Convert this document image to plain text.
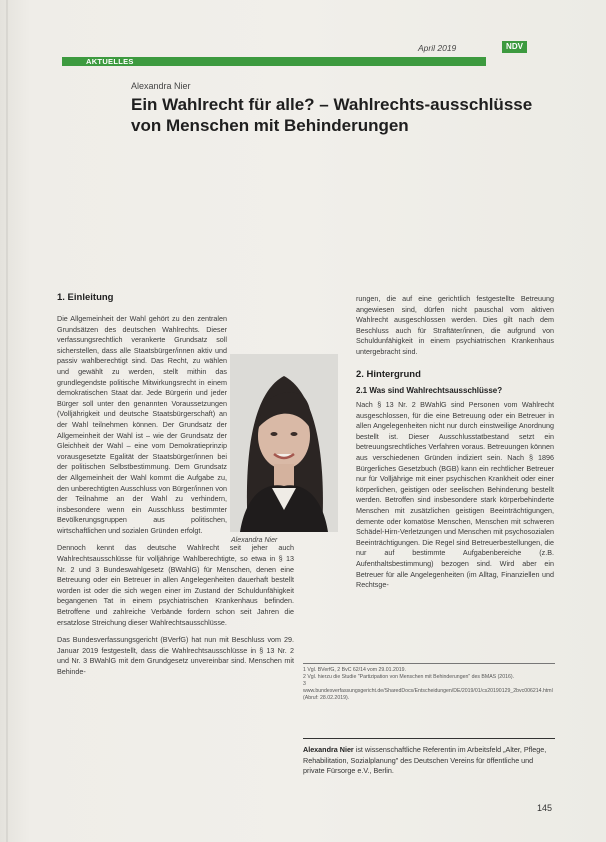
AKTUELLES
April 2019	NDV
Alexandra Nier
Ein Wahlrecht für alle? – Wahlrechts-ausschlüsse von Menschen mit Behinderungen
1. Einleitung

Die Allgemeinheit der Wahl gehört zu den zentralen Grundsätzen des deutschen Wahlrechts. Dieser verfassungsrechtlich verankerte Grundsatz soll sicherstellen, dass alle Staatsbürger/innen aktiv und passiv wahlberechtigt sind. Das Recht, zu wählen und gewählt zu werden, stellt mithin das grundlegendste politische Mitwirkungsrecht in einem demokratischen Staat dar. Jede Bürgerin und jeder Bürger soll unter den genannten Voraussetzungen (Volljährigkeit und deutsche Staatsbürgerschaft) an der Wahl teilnehmen können. Der Grundsatz der Allgemeinheit der Wahl ist – wie der Grundsatz der Gleichheit der Wahl – eine vom Demokratieprinzip vorausgesetzte Egalität der Staatsbürger/innen bei der politischen Selbstbestimmung. Dem Grundsatz der Allgemeinheit der Wahl kommt die Aufgabe zu, den unberechtigten Ausschluss von Bürger/innen von der Teilnahme an der Wahl zu verhindern, insbesondere wenn ein Ausschluss bestimmter Bevölkerungsgruppen aus politischen, wirtschaftlichen und sozialen Gründen erfolgt.

Dennoch kennt das deutsche Wahlrecht seit jeher auch Wahlrechtsausschlüsse für volljährige Wahlberechtigte, so etwa in § 13 Nr. 2 und 3 Bundeswahlgesetz (BWahlG) für Menschen, denen eine Betreuung oder ein Betreuer in allen Angelegenheiten dauerhaft bestellt worden ist oder die sich wegen einer im Zustand der Schuldunfähigkeit begangenen Tat in einem psychiatrischen Krankenhaus befinden. Betroffene und zahlreiche Verbände fordern schon seit Jahren die ersatzlose Streichung dieser Wahlrechtsausschlüsse.

Das Bundesverfassungsgericht (BVerfG) hat nun mit Beschluss vom 29. Januar 2019 festgestellt, dass die Wahlrechtsausschlüsse in § 13 Nr. 2 und Nr. 3 BWahlG mit dem Grundgesetz unvereinbar sind. Menschen mit Behinde-

Alexandra Nier

rungen, die auf eine gerichtlich festgestellte Betreuung angewiesen sind, dürfen nicht pauschal vom aktiven Wahlrecht ausgeschlossen werden. Dies gilt nach dem Beschluss auch für Straftäter/innen, die aufgrund von Schuldunfähigkeit in einem psychiatrischen Krankenhaus untergebracht sind.

2. Hintergrund
2.1 Was sind Wahlrechtsausschlüsse?

Nach § 13 Nr. 2 BWahlG sind Personen vom Wahlrecht ausgeschlossen, für die eine Betreuung oder ein Betreuer in allen Angelegenheiten nicht nur durch einstweilige Anordnung bestellt ist. Dieser Ausschlusstatbestand setzt ein betreuungsrechtliches Verfahren voraus. Betreuungen können aus verschiedenen Gründen indiziert sein. Nach § 1896 Bürgerliches Gesetzbuch (BGB) kann ein rechtlicher Betreuer nur für Volljährige mit einer psychischen Krankheit oder einer körperlichen, geistigen oder seelischen Behinderung bestellt werden. Betroffen sind insbesondere stark körperbehinderte Menschen mit zusätzlichen geistigen Beeinträchtigungen, demente oder komatöse Menschen, Menschen mit schweren Schädel-Hirn-Verletzungen und Menschen mit psychosozialen Beeinträchtigungen. Die Regel sind Betreuerbestellungen, die nur auf bestimmte Aufgabenbereiche (z.B. Aufenthaltsbestimmung) bezogen sind. Wird aber ein Betreuer für alle Angelegenheiten (im Alltag, Finanziellen und Rechtsge-

1 Vgl. BVerfG, 2 BvC 62/14 vom 29.01.2019.
2 Vgl. hierzu die Studie "Partizipation von Menschen mit Behinderungen" des BMAS (2016).
3 www.bundesverfassungsgericht.de/SharedDocs/Entscheidungen/DE/2019/01/cs20190129_2bvc006214.html (Abruf: 28.02.2019).
Alexandra Nier ist wissenschaftliche Referentin im Arbeitsfeld „Alter, Pflege, Rehabilitation, Sozialplanung" des Deutschen Vereins für öffentliche und private Fürsorge e.V., Berlin.
145
